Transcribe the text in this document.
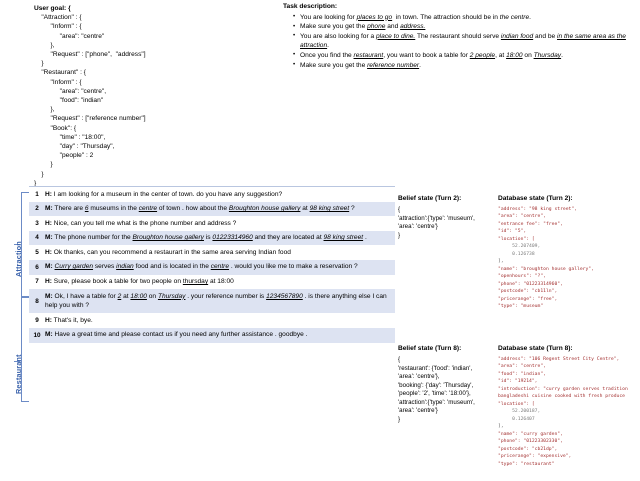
User goal: {
"Attraction" : {
"Inform" : {
"area": "centre"
},
"Request" : ["phone",  "address"]
}
"Restaurant" : {
"Inform" : {
"area": "centre",
"food": "indian"
},
"Request" : ["reference number"]
"Book": {
"time" : "18:00",
"day" : "Thursday",
"people" : 2
}
}
}
Task description:
• You are looking for places to go  in town. The attraction should be in the centre.
• Make sure you get the phone and address.
• You are also looking for a place to dine. The restaurant should serve indian food and be in the same area as the attraction.
• Once you find the restaurant, you want to book a table for 2 people, at 18:00 on Thursday.
• Make sure you get the reference number.
Attraction
Restaurant
1 H: I am looking for a museum in the center of town. do you have any suggestion?
2 M: There are 6 museums in the centre of town . how about the Broughton house gallery at 98 king street ?
3 H: Nice, can you tell me what is the phone number and address ?
4 M: The phone number for the Broughton house gallery is 01223314960 and they are located at 98 king street .
5 H: Ok thanks, can you recommend a restaurart in the same area serving Indian food
6 M: Curry garden serves indian food and is located in the centre . would you like me to make a reservation ?
7 H: Sure, please book a table for two people on thursday at 18:00
8
M: Ok, I have a table for 2 at 18:00 on Thursday . your reference number is 1234567890 . is there anything else I can help you with ?
9 H: That's it, bye.
10 M: Have a great time and please contact us if you need any further assistance . goodbye .
Belief state (Turn 2):
{
'attraction':{'type': 'museum',
'area': 'centre'}
}
Database state (Turn 2):
"address": "98 king street",
"area": "centre",
"entrance fee": "free",
"id": "5",
"location": [
52.207409,
0.126738
],
"name": "broughton house gallery",
"openhours": "?",
"phone": "01223314960",
"postcode": "cb11ln",
"pricerange": "free",
"type": "museum"
Belief state (Turn 8):
{
'restaurant': {'food': 'indian',
'area': 'centre'},
'booking': {'day': 'Thursday',
'people': '2', 'time': '18:00'},
'attraction':{'type': 'museum',
'area': 'centre'}
}
Database state (Turn 8):
"address": "106 Regent Street City Centre",
"area": "centre",
"food": "indian",
"id": "19214",
"introduction": "curry garden serves tradition
bangladeshi cuisine cooked with fresh produce
"location": [
52.200187,
0.126407
],
"name": "curry garden",
"phone": "01223302330",
"postcode": "cb21dp",
"pricerange": "expensive",
"type": "restaurant"
